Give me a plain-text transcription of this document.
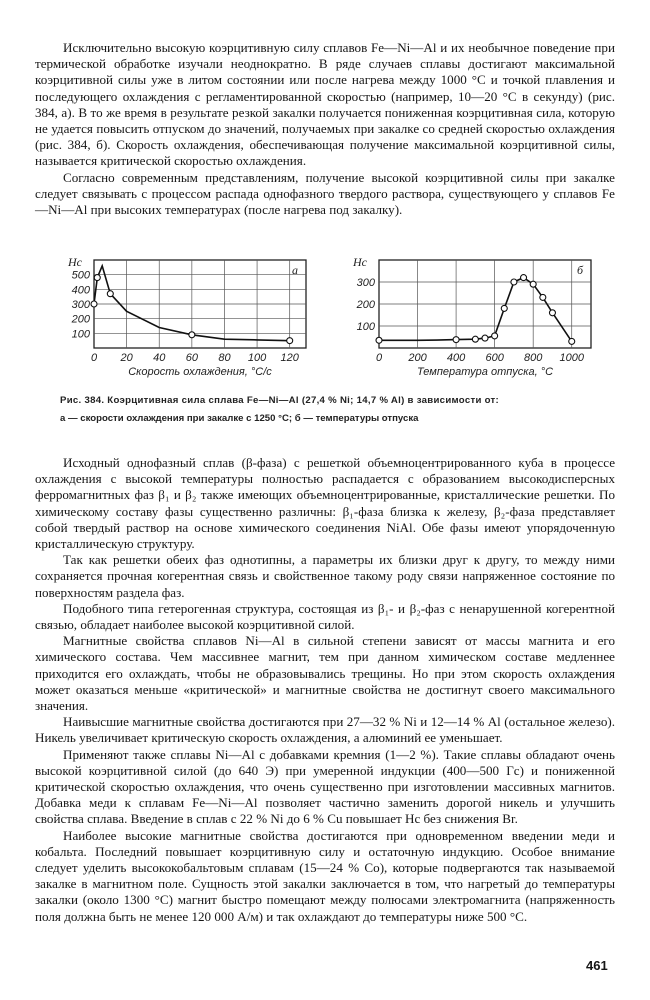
Исключительно высокую коэрцитивную силу сплавов Fe—Ni—Al и их необычное поведение при термической обработке изучали неоднократно. В ряде случаев сплавы достигают максимальной коэрцитивной силы уже в литом состоянии или после нагрева между 1000 °C и точкой плавления и последующего охлаждения с регламентированной скоростью (например, 10—20 °C в секунду) (рис. 384, а). В то же время в результате резкой закалки получается пониженная коэрцитивная сила, которую не удается повысить отпуском до значений, получаемых при закалке со средней скоростью охлаждения (рис. 384, б). Скорость охлаждения, обеспечивающая получение максимальной коэрцитивной силы, называется критической скоростью охлаждения.

Согласно современным представлениям, получение высокой коэрцитивной силы при закалке следует связывать с процессом распада однофазного твердого раствора, существующего у сплавов Fe—Ni—Al при высоких температурах (после нагрева под закалку).

0 20 40 60 80 100 120
100
200
300
400
500
Hc
Скорость охлаждения, °C/с
а
0 200 400 600 800 1000
100
200
300
Hc
Температура отпуска, °C
б
Рис. 384. Коэрцитивная сила сплава Fe—Ni—Al (27,4 % Ni; 14,7 % Al) в зависимости от:
а — скорости охлаждения при закалке с 1250 °C; б — температуры отпуска

Исходный однофазный сплав (β-фаза) с решеткой объемноцентрированного куба в процессе охлаждения с высокой температуры полностью распадается с образованием высокодисперсных ферромагнитных фаз β₁ и β₂ также имеющих объемноцентрированные, кристаллические решетки. По химическому составу фазы существенно различны: β₁-фаза близка к железу, β₂-фаза представляет собой твердый раствор на основе химического соединения NiAl. Обе фазы имеют упорядоченную кристаллическую структуру.

Так как решетки обеих фаз однотипны, а параметры их близки друг к другу, то между ними сохраняется прочная когерентная связь и свойственное такому роду связи напряженное состояние по поверхностям раздела фаз.

Подобного типа гетерогенная структура, состоящая из β₁- и β₂-фаз с ненарушенной когерентной связью, обладает наиболее высокой коэрцитивной силой.

Магнитные свойства сплавов Ni—Al в сильной степени зависят от массы магнита и его химического состава. Чем массивнее магнит, тем при данном химическом составе медленнее приходится его охлаждать, чтобы не образовывались трещины. Но при этом скорость охлаждения может оказаться меньше «критической» и магнитные свойства не достигнут своего максимального значения.

Наивысшие магнитные свойства достигаются при 27—32 % Ni и 12—14 % Al (остальное железо). Никель увеличивает критическую скорость охлаждения, а алюминий ее уменьшает.

Применяют также сплавы Ni—Al с добавками кремния (1—2 %). Такие сплавы обладают очень высокой коэрцитивной силой (до 640 Э) при умеренной индукции (400—500 Гс) и пониженной критической скоростью охлаждения, что очень существенно при изготовлении массивных магнитов. Добавка меди к сплавам Fe—Ni—Al позволяет частично заменить дорогой никель и улучшить свойства сплава. Введение в сплав с 22 % Ni до 6 % Cu повышает Hc без снижения Br.

Наиболее высокие магнитные свойства достигаются при одновременном введении меди и кобальта. Последний повышает коэрцитивную силу и остаточную индукцию. Особое внимание следует уделить высококобальтовым сплавам (15—24 % Co), которые подвергаются так называемой закалке в магнитном поле. Сущность этой закалки заключается в том, что нагретый до температуры закалки (около 1300 °C) магнит быстро помещают между полюсами электромагнита (напряженность поля должна быть не менее 120 000 А/м) и так охлаждают до температуры ниже 500 °C.

461
